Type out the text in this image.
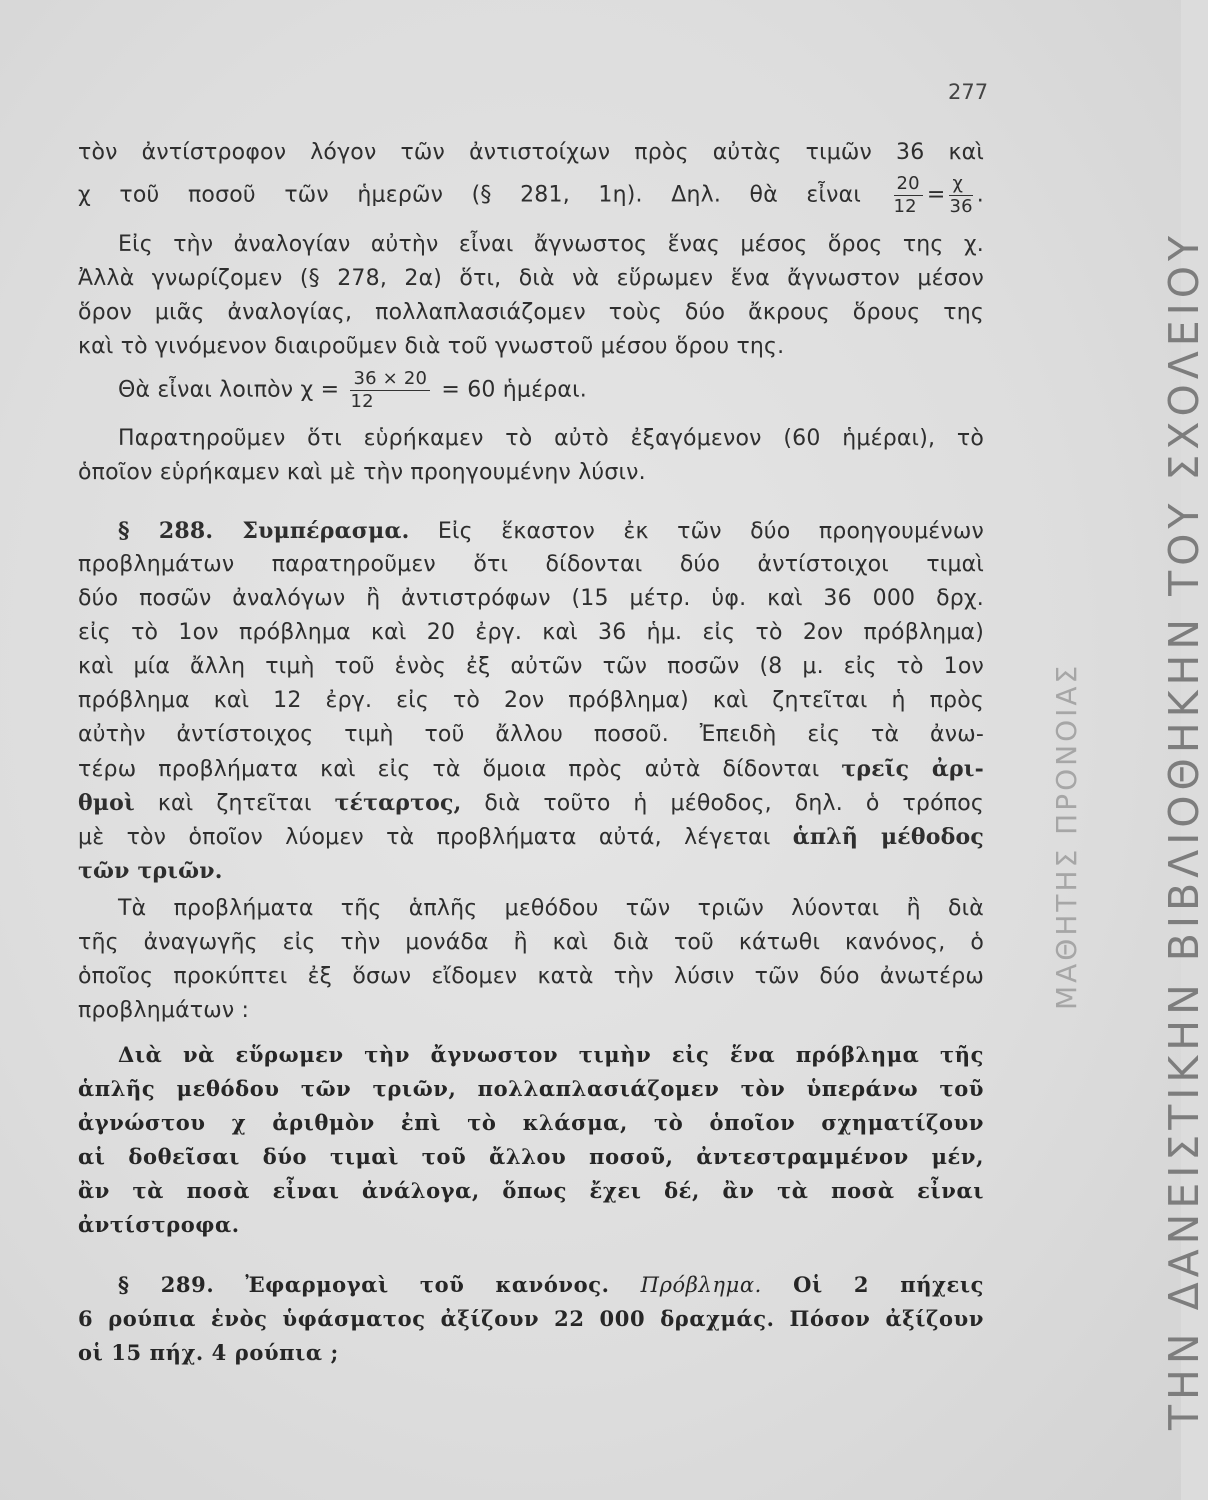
277
τὸν ἀντίστροφον λόγον τῶν ἀντιστοίχων πρὸς αὐτὰς τιμῶν 36 καὶ
χ τοῦ ποσοῦ τῶν ἡμερῶν (§ 281, 1η). Δηλ. θὰ εἶναι $\frac{20}{12} = \frac{\chi}{36}$ .
Εἰς τὴν ἀναλογίαν αὐτὴν εἶναι ἄγνωστος ἕνας μέσος ὅρος της χ.
Ἀλλὰ γνωρίζομεν (§ 278, 2α) ὅτι, διὰ νὰ εὕρωμεν ἕνα ἄγνωστον μέσον
ὅρον μιᾶς ἀναλογίας, πολλαπλασιάζομεν τοὺς δύο ἄκρους ὅρους της
καὶ τὸ γινόμενον διαιροῦμεν διὰ τοῦ γνωστοῦ μέσου ὅρου της.
Θὰ εἶναι λοιπὸν $\chi = \frac{36 \times 20}{12} = 60$ ἡμέραι.
Παρατηροῦμεν ὅτι εὑρήκαμεν τὸ αὐτὸ ἐξαγόμενον (60 ἡμέραι), τὸ
ὁποῖον εὑρήκαμεν καὶ μὲ τὴν προηγουμένην λύσιν.
§ 288. Συμπέρασμα. Εἰς ἕκαστον ἐκ τῶν δύο προηγουμένων
προβλημάτων παρατηροῦμεν ὅτι δίδονται δύο ἀντίστοιχοι τιμαὶ
δύο ποσῶν ἀναλόγων ἢ ἀντιστρόφων (15 μέτρ. ὑφ. καὶ 36 000 δρχ.
εἰς τὸ 1ον πρόβλημα καὶ 20 ἐργ. καὶ 36 ἡμ. εἰς τὸ 2ον πρόβλημα)
καὶ μία ἄλλη τιμὴ τοῦ ἑνὸς ἐξ αὐτῶν τῶν ποσῶν (8 μ. εἰς τὸ 1ον
πρόβλημα καὶ 12 ἐργ. εἰς τὸ 2ον πρόβλημα) καὶ ζητεῖται ἡ πρὸς
αὐτὴν ἀντίστοιχος τιμὴ τοῦ ἄλλου ποσοῦ. Ἐπειδὴ εἰς τὰ ἀνω-
τέρω προβλήματα καὶ εἰς τὰ ὅμοια πρὸς αὐτὰ δίδονται τρεῖς ἀρι-
θμοὶ καὶ ζητεῖται τέταρτος, διὰ τοῦτο ἡ μέθοδος, δηλ. ὁ τρόπος
μὲ τὸν ὁποῖον λύομεν τὰ προβλήματα αὐτά, λέγεται ἁπλῆ μέθοδος
τῶν τριῶν.
Τὰ προβλήματα τῆς ἁπλῆς μεθόδου τῶν τριῶν λύονται ἢ διὰ
τῆς ἀναγωγῆς εἰς τὴν μονάδα ἢ καὶ διὰ τοῦ κάτωθι κανόνος, ὁ
ὁποῖος προκύπτει ἐξ ὅσων εἴδομεν κατὰ τὴν λύσιν τῶν δύο ἀνωτέρω
προβλημάτων :
Διὰ νὰ εὕρωμεν τὴν ἄγνωστον τιμὴν εἰς ἕνα πρόβλημα τῆς
ἁπλῆς μεθόδου τῶν τριῶν, πολλαπλασιάζομεν τὸν ὑπεράνω τοῦ
ἀγνώστου χ ἀριθμὸν ἐπὶ τὸ κλάσμα, τὸ ὁποῖον σχηματίζουν
αἱ δοθεῖσαι δύο τιμαὶ τοῦ ἄλλου ποσοῦ, ἀντεστραμμένον μέν,
ἂν τὰ ποσὰ εἶναι ἀνάλογα, ὅπως ἔχει δέ, ἂν τὰ ποσὰ εἶναι
ἀντίστροφα.
§ 289. Ἐφαρμογαὶ τοῦ κανόνος. Πρόβλημα. Οἱ 2 πήχεις
6 ρούπια ἑνὸς ὑφάσματος ἀξίζουν 22 000 δραχμάς. Πόσον ἀξίζουν
οἱ 15 πήχ. 4 ρούπια ;	ΤΗΝ ΔΑΝΕΙΣΤΙΚΗΝ ΒΙΒΛΙΟΘΗΚΗΝ ΤΟΥ ΣΧΟΛΕΙΟΥ
ΜΑΘΗΤΗΣ ΠΡΟΝΟΙΑΣ
